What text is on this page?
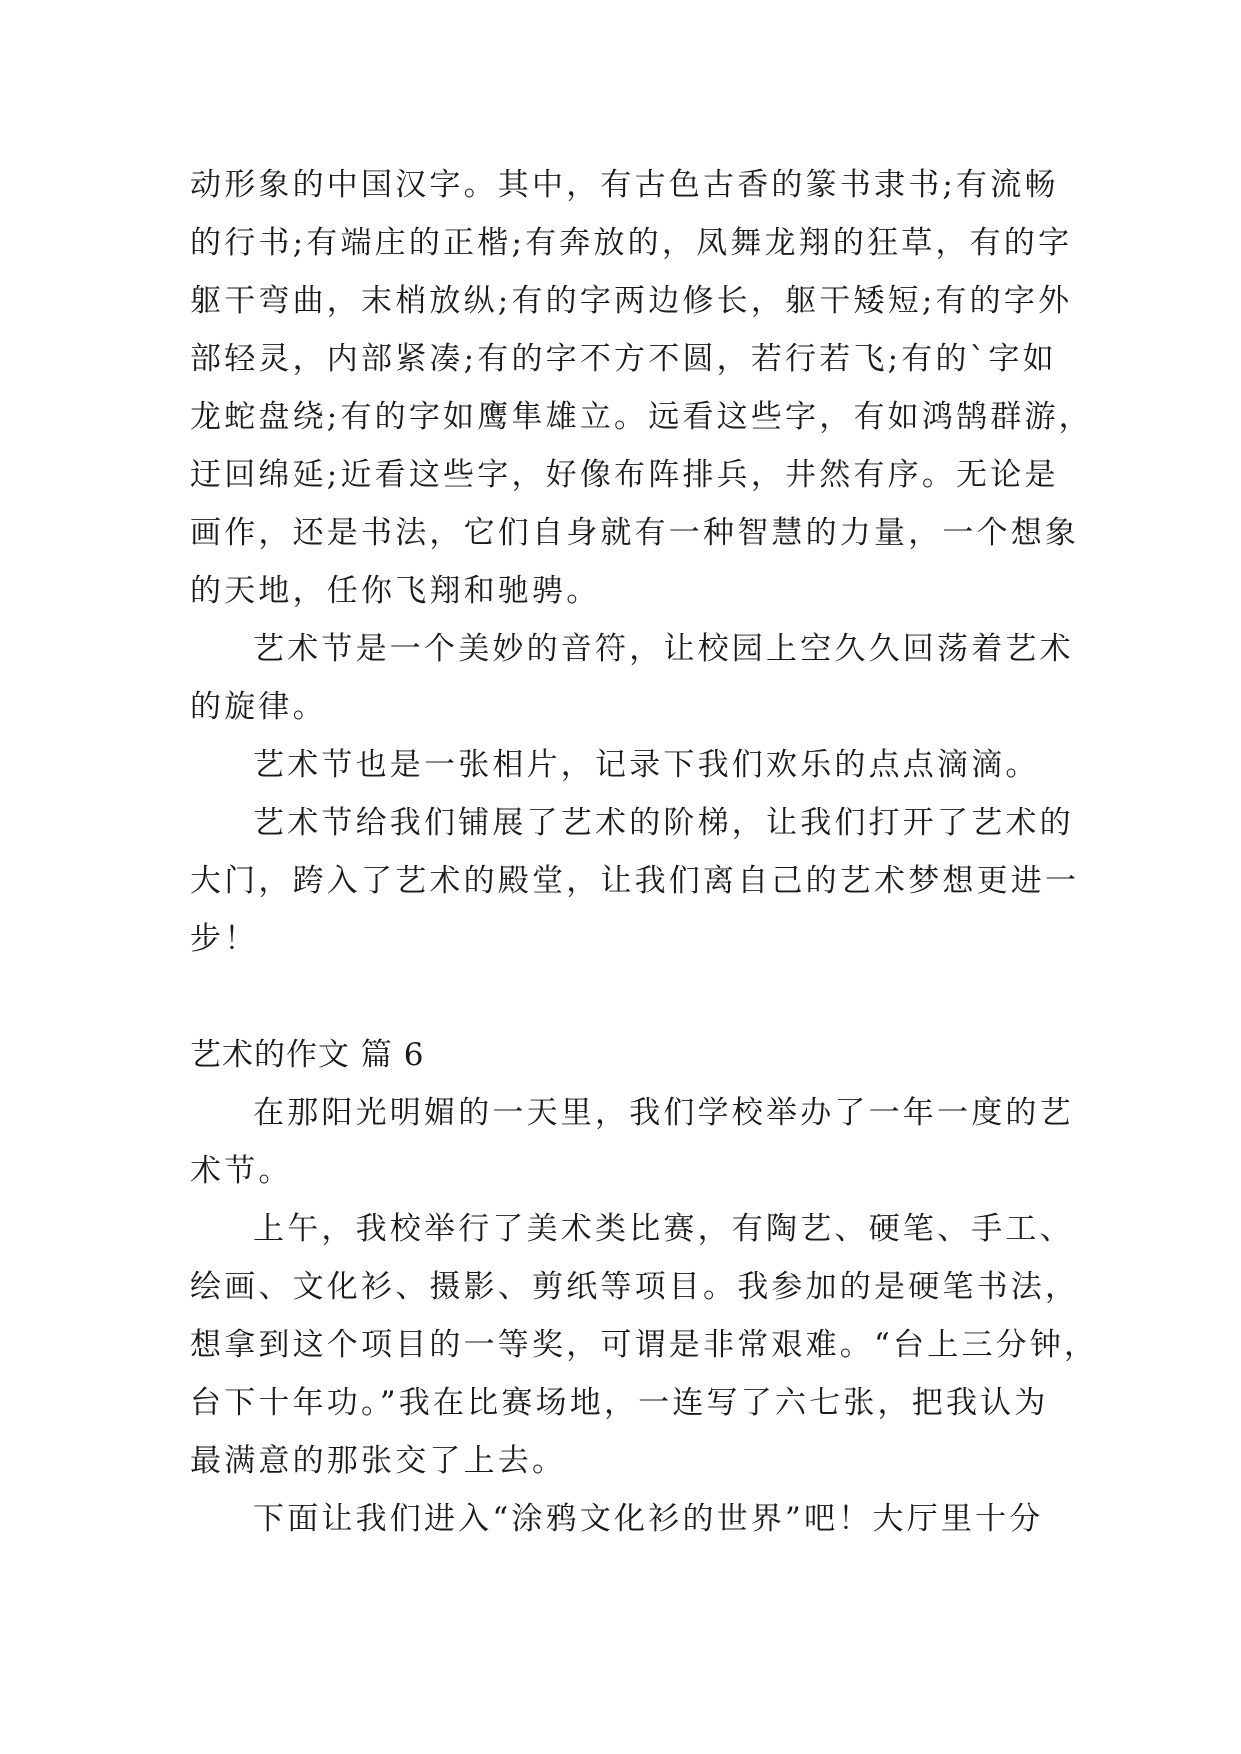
动形象的中国汉字。其中，有古色古香的篆书隶书;有流畅
的行书;有端庄的正楷;有奔放的，凤舞龙翔的狂草，有的字
躯干弯曲，末梢放纵;有的字两边修长，躯干矮短;有的字外
部轻灵，内部紧凑;有的字不方不圆，若行若飞;有的`字如
龙蛇盘绕;有的字如鹰隼雄立。远看这些字，有如鸿鹄群游，
迂回绵延;近看这些字，好像布阵排兵，井然有序。无论是
画作，还是书法，它们自身就有一种智慧的力量，一个想象
的天地，任你飞翔和驰骋。
艺术节是一个美妙的音符，让校园上空久久回荡着艺术
的旋律。
艺术节也是一张相片，记录下我们欢乐的点点滴滴。
艺术节给我们铺展了艺术的阶梯，让我们打开了艺术的
大门，跨入了艺术的殿堂，让我们离自己的艺术梦想更进一
步！
艺术的作文 篇 6
在那阳光明媚的一天里，我们学校举办了一年一度的艺
术节。
上午，我校举行了美术类比赛，有陶艺、硬笔、手工、
绘画、文化衫、摄影、剪纸等项目。我参加的是硬笔书法，
想拿到这个项目的一等奖，可谓是非常艰难。“台上三分钟，
台下十年功。”我在比赛场地，一连写了六七张，把我认为
最满意的那张交了上去。
下面让我们进入“涂鸦文化衫的世界”吧！大厅里十分
